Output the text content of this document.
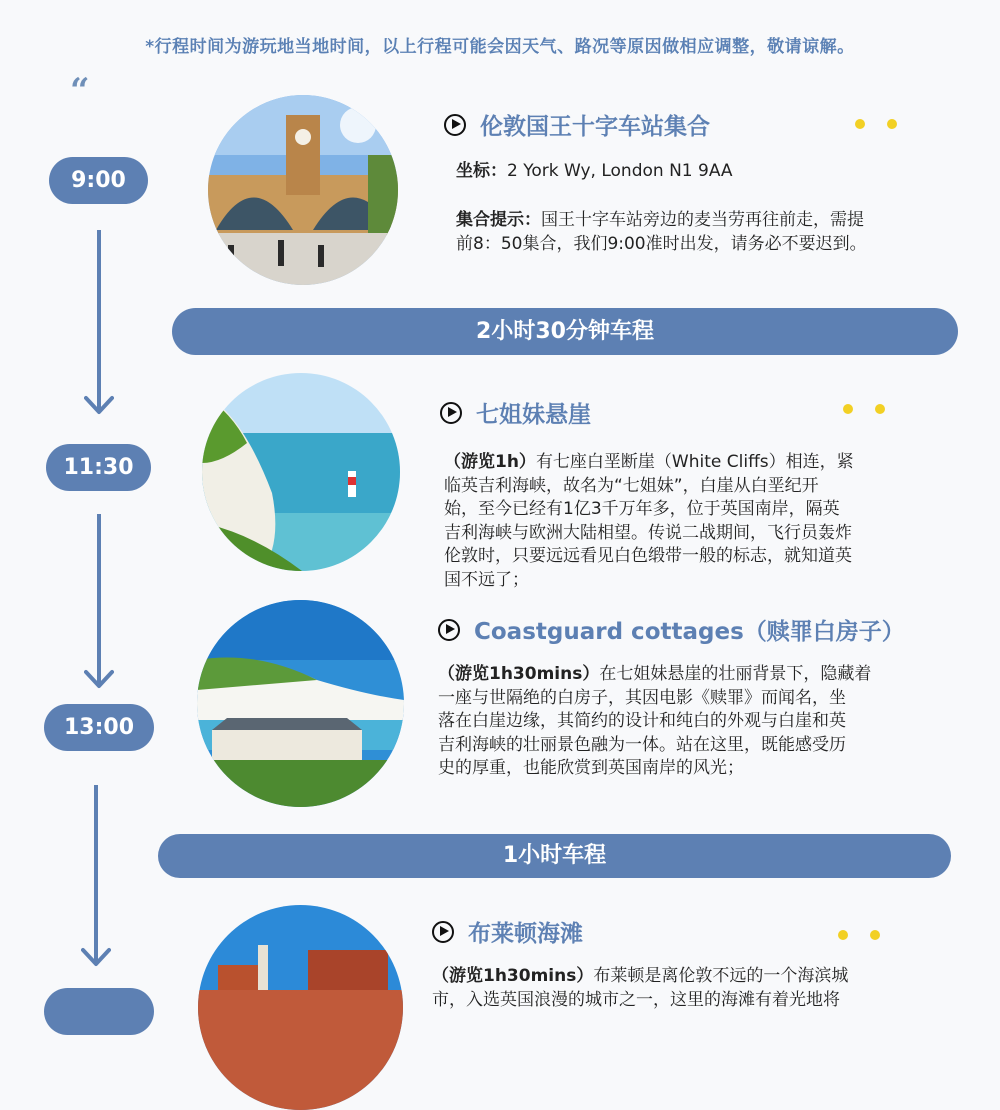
*行程时间为游玩地当地时间，以上行程可能会因天气、路况等原因做相应调整，敬请谅解。
“
9:00
11:30
13:00
2小时30分钟车程
1小时车程
伦敦国王十字车站集合
坐标：2 York Wy, London N1 9AA
集合提示：国王十字车站旁边的麦当劳再往前走，需提
前8：50集合，我们9:00准时出发，请务必不要迟到。
七姐妹悬崖
（游览1h）有七座白垩断崖（White Cliffs）相连，紧
临英吉利海峡，故名为“七姐妹”，白崖从白垩纪开
始，至今已经有1亿3千万年多，位于英国南岸，隔英
吉利海峡与欧洲大陆相望。传说二战期间，飞行员轰炸
伦敦时，只要远远看见白色缎带一般的标志，就知道英
国不远了；
Coastguard cottages（赎罪白房子）
（游览1h30mins）在七姐妹悬崖的壮丽背景下，隐藏着
一座与世隔绝的白房子，其因电影《赎罪》而闻名，坐
落在白崖边缘，其简约的设计和纯白的外观与白崖和英
吉利海峡的壮丽景色融为一体。站在这里，既能感受历
史的厚重，也能欣赏到英国南岸的风光；
布莱顿海滩
（游览1h30mins）布莱顿是离伦敦不远的一个海滨城
市，入选英国浪漫的城市之一，这里的海滩有着光地将
